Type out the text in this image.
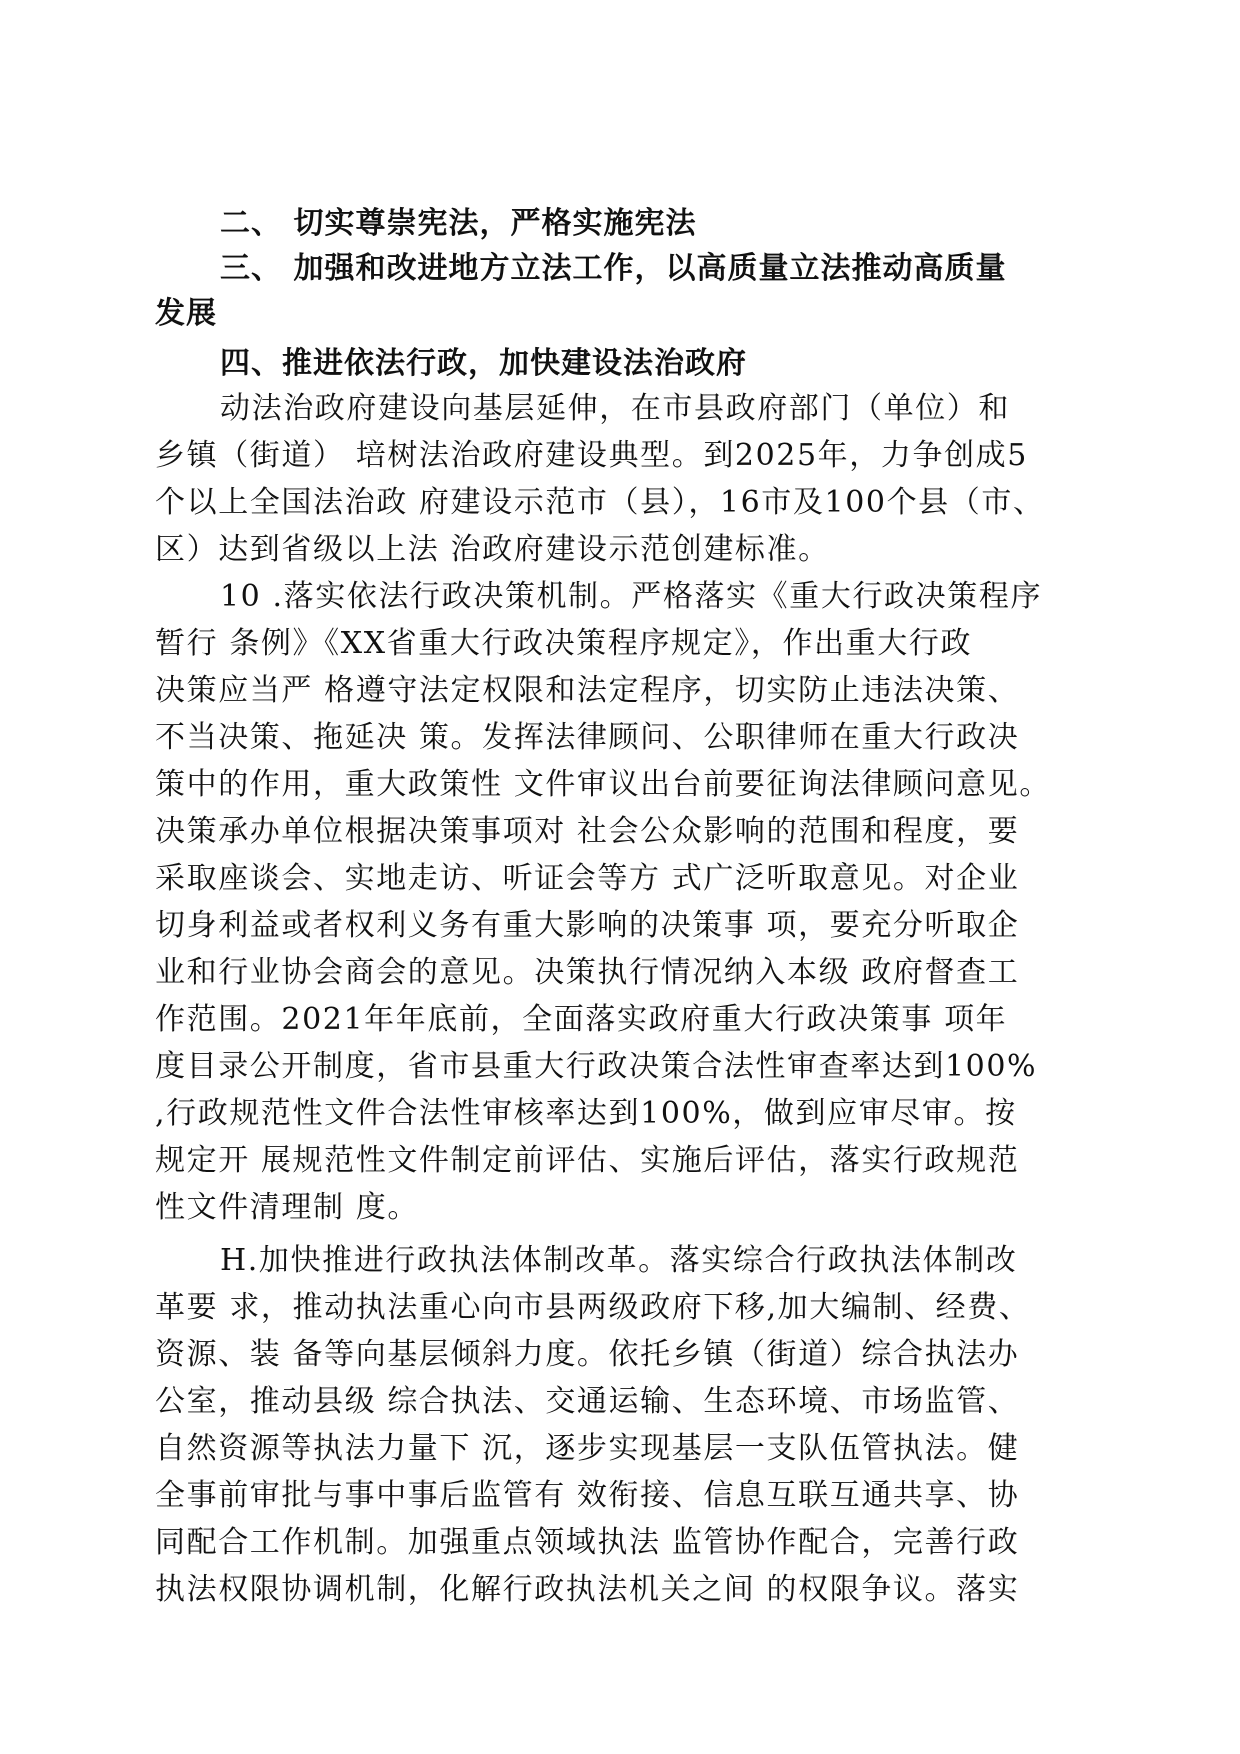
二、 切实尊崇宪法，严格实施宪法
三、 加强和改进地方立法工作，以高质量立法推动高质量
发展
四、推进依法行政，加快建设法治政府
动法治政府建设向基层延伸，在市县政府部门（单位）和
乡镇（街道） 培树法治政府建设典型。到2025年，力争创成5
个以上全国法治政 府建设示范市（县），16市及100个县（市、
区）达到省级以上法 治政府建设示范创建标准。
10 .落实依法行政决策机制。严格落实《重大行政决策程序
暂行 条例》《XX省重大行政决策程序规定》，作出重大行政
决策应当严 格遵守法定权限和法定程序，切实防止违法决策、
不当决策、拖延决 策。发挥法律顾问、公职律师在重大行政决
策中的作用，重大政策性 文件审议出台前要征询法律顾问意见。
决策承办单位根据决策事项对 社会公众影响的范围和程度，要
采取座谈会、实地走访、听证会等方 式广泛听取意见。对企业
切身利益或者权利义务有重大影响的决策事 项，要充分听取企
业和行业协会商会的意见。决策执行情况纳入本级 政府督查工
作范围。2021年年底前，全面落实政府重大行政决策事 项年
度目录公开制度，省市县重大行政决策合法性审查率达到100%
,行政规范性文件合法性审核率达到100%，做到应审尽审。按
规定开 展规范性文件制定前评估、实施后评估，落实行政规范
性文件清理制 度。
H.加快推进行政执法体制改革。落实综合行政执法体制改
革要 求，推动执法重心向市县两级政府下移,加大编制、经费、
资源、装 备等向基层倾斜力度。依托乡镇（街道）综合执法办
公室，推动县级 综合执法、交通运输、生态环境、市场监管、
自然资源等执法力量下 沉，逐步实现基层一支队伍管执法。健
全事前审批与事中事后监管有 效衔接、信息互联互通共享、协
同配合工作机制。加强重点领域执法 监管协作配合，完善行政
执法权限协调机制，化解行政执法机关之间 的权限争议。落实
